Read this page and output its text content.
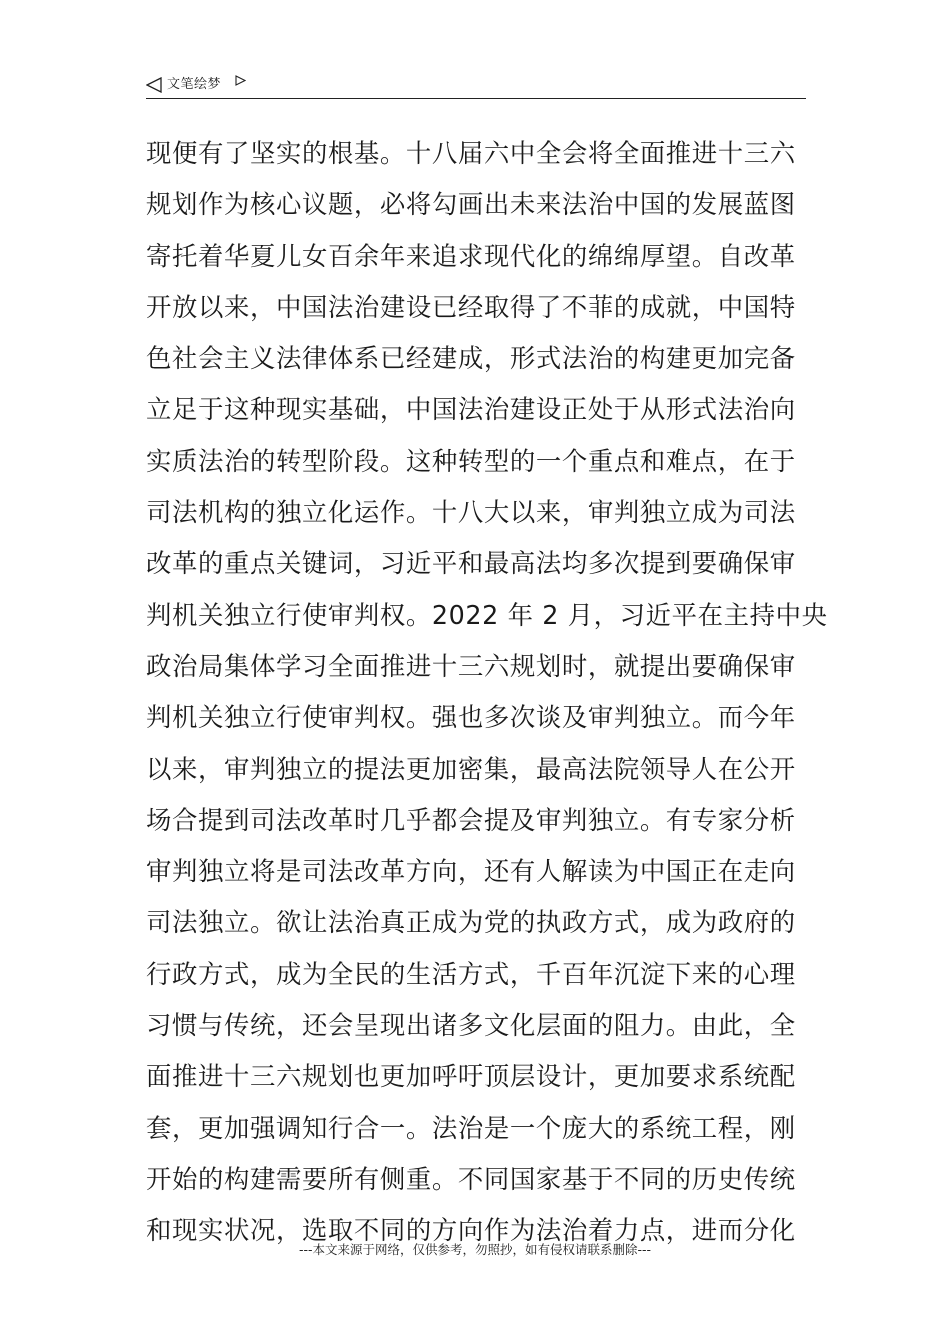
文笔绘梦
现便有了坚实的根基。十八届六中全会将全面推进十三六
规划作为核心议题，必将勾画出未来法治中国的发展蓝图
寄托着华夏儿女百余年来追求现代化的绵绵厚望。自改革
开放以来，中国法治建设已经取得了不菲的成就，中国特
色社会主义法律体系已经建成，形式法治的构建更加完备
立足于这种现实基础，中国法治建设正处于从形式法治向
实质法治的转型阶段。这种转型的一个重点和难点，在于
司法机构的独立化运作。十八大以来，审判独立成为司法
改革的重点关键词，习近平和最高法均多次提到要确保审
判机关独立行使审判权。2022 年 2 月，习近平在主持中央
政治局集体学习全面推进十三六规划时，就提出要确保审
判机关独立行使审判权。强也多次谈及审判独立。而今年
以来，审判独立的提法更加密集，最高法院领导人在公开
场合提到司法改革时几乎都会提及审判独立。有专家分析
审判独立将是司法改革方向，还有人解读为中国正在走向
司法独立。欲让法治真正成为党的执政方式，成为政府的
行政方式，成为全民的生活方式，千百年沉淀下来的心理
习惯与传统，还会呈现出诸多文化层面的阻力。由此，全
面推进十三六规划也更加呼吁顶层设计，更加要求系统配
套，更加强调知行合一。法治是一个庞大的系统工程，刚
开始的构建需要所有侧重。不同国家基于不同的历史传统
和现实状况，选取不同的方向作为法治着力点，进而分化
---本文来源于网络，仅供参考，勿照抄，如有侵权请联系删除---
